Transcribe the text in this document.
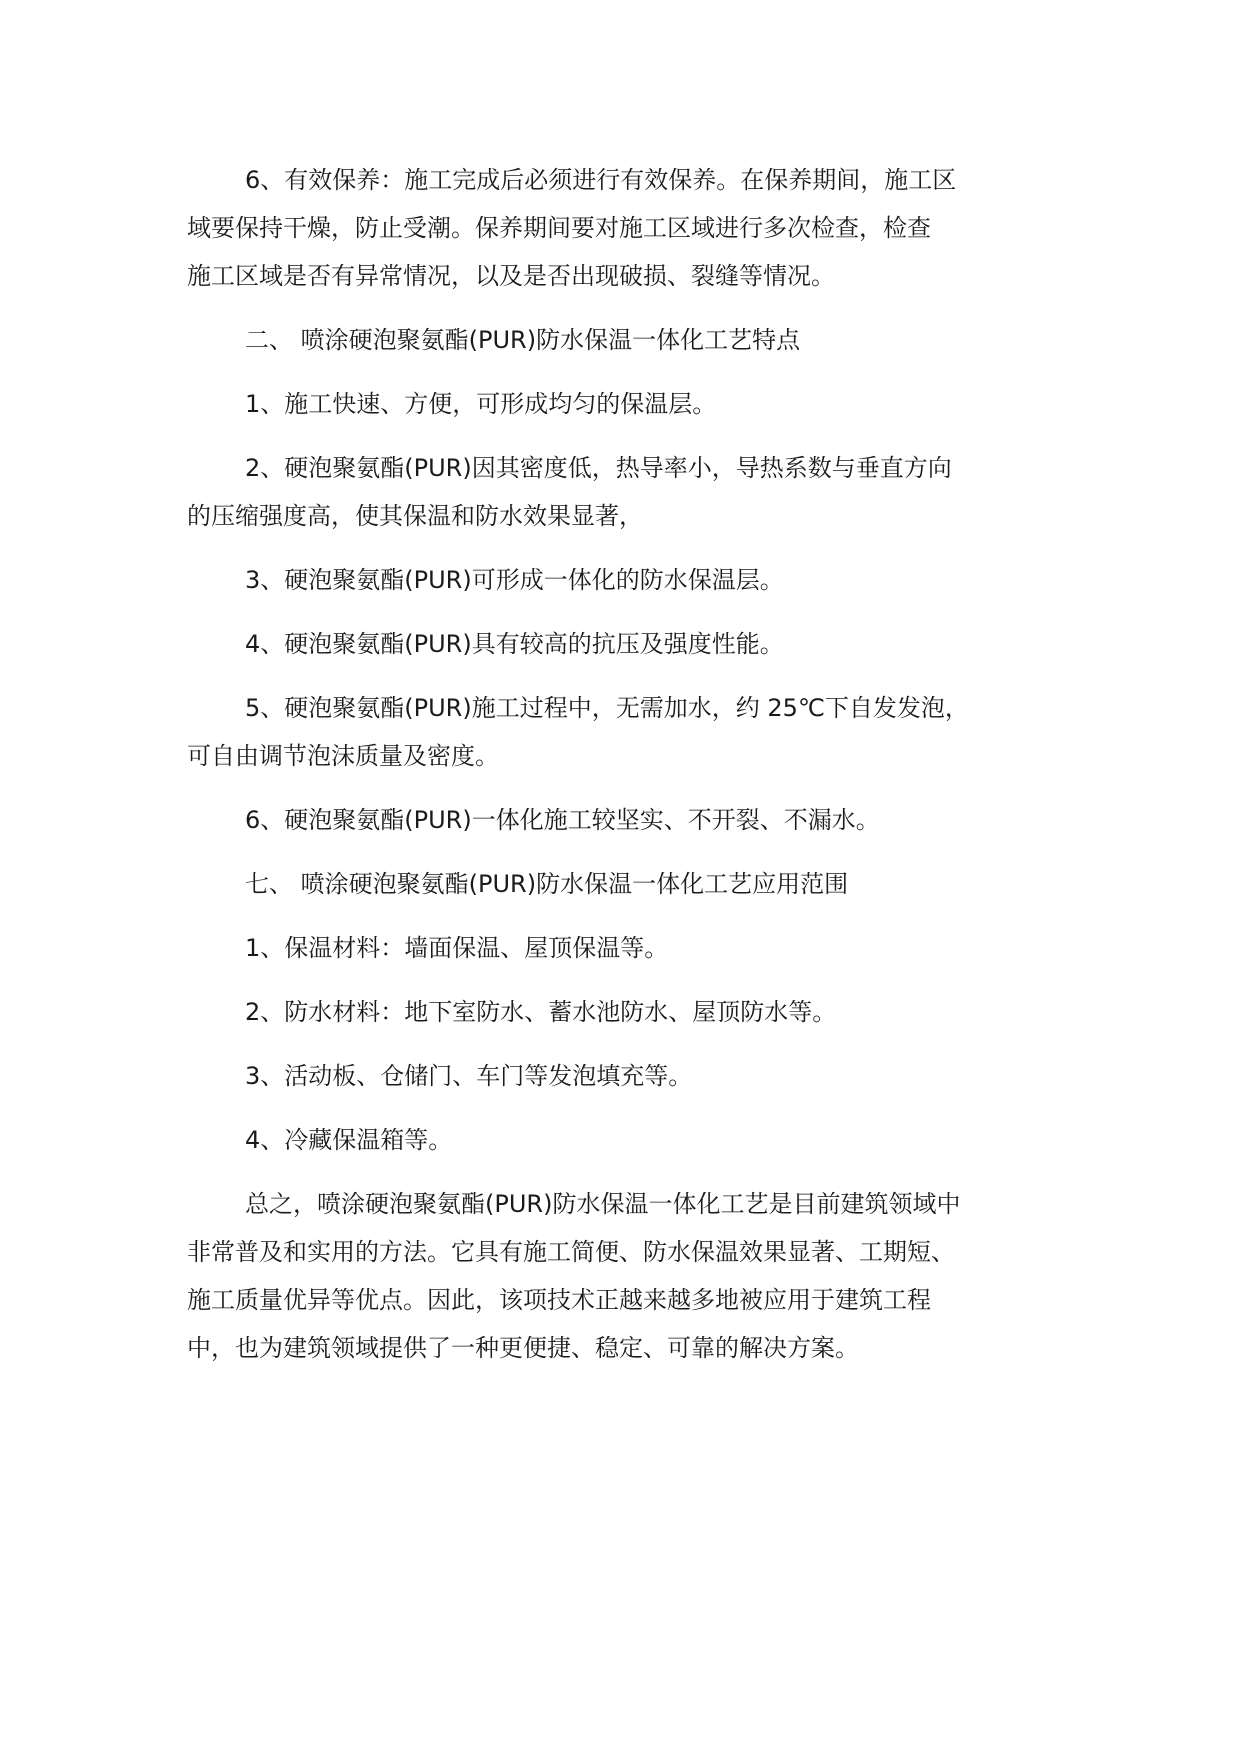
6、有效保养：施工完成后必须进行有效保养。在保养期间，施工区
域要保持干燥，防止受潮。保养期间要对施工区域进行多次检查，检查
施工区域是否有异常情况，以及是否出现破损、裂缝等情况。

二、 喷涂硬泡聚氨酯(PUR)防水保温一体化工艺特点

1、施工快速、方便，可形成均匀的保温层。

2、硬泡聚氨酯(PUR)因其密度低，热导率小，导热系数与垂直方向
的压缩强度高，使其保温和防水效果显著，

3、硬泡聚氨酯(PUR)可形成一体化的防水保温层。

4、硬泡聚氨酯(PUR)具有较高的抗压及强度性能。

5、硬泡聚氨酯(PUR)施工过程中，无需加水，约 25℃下自发发泡，
可自由调节泡沫质量及密度。

6、硬泡聚氨酯(PUR)一体化施工较坚实、不开裂、不漏水。

七、 喷涂硬泡聚氨酯(PUR)防水保温一体化工艺应用范围

1、保温材料：墙面保温、屋顶保温等。

2、防水材料：地下室防水、蓄水池防水、屋顶防水等。

3、活动板、仓储门、车门等发泡填充等。

4、冷藏保温箱等。

总之，喷涂硬泡聚氨酯(PUR)防水保温一体化工艺是目前建筑领域中
非常普及和实用的方法。它具有施工简便、防水保温效果显著、工期短、
施工质量优异等优点。因此，该项技术正越来越多地被应用于建筑工程
中，也为建筑领域提供了一种更便捷、稳定、可靠的解决方案。
